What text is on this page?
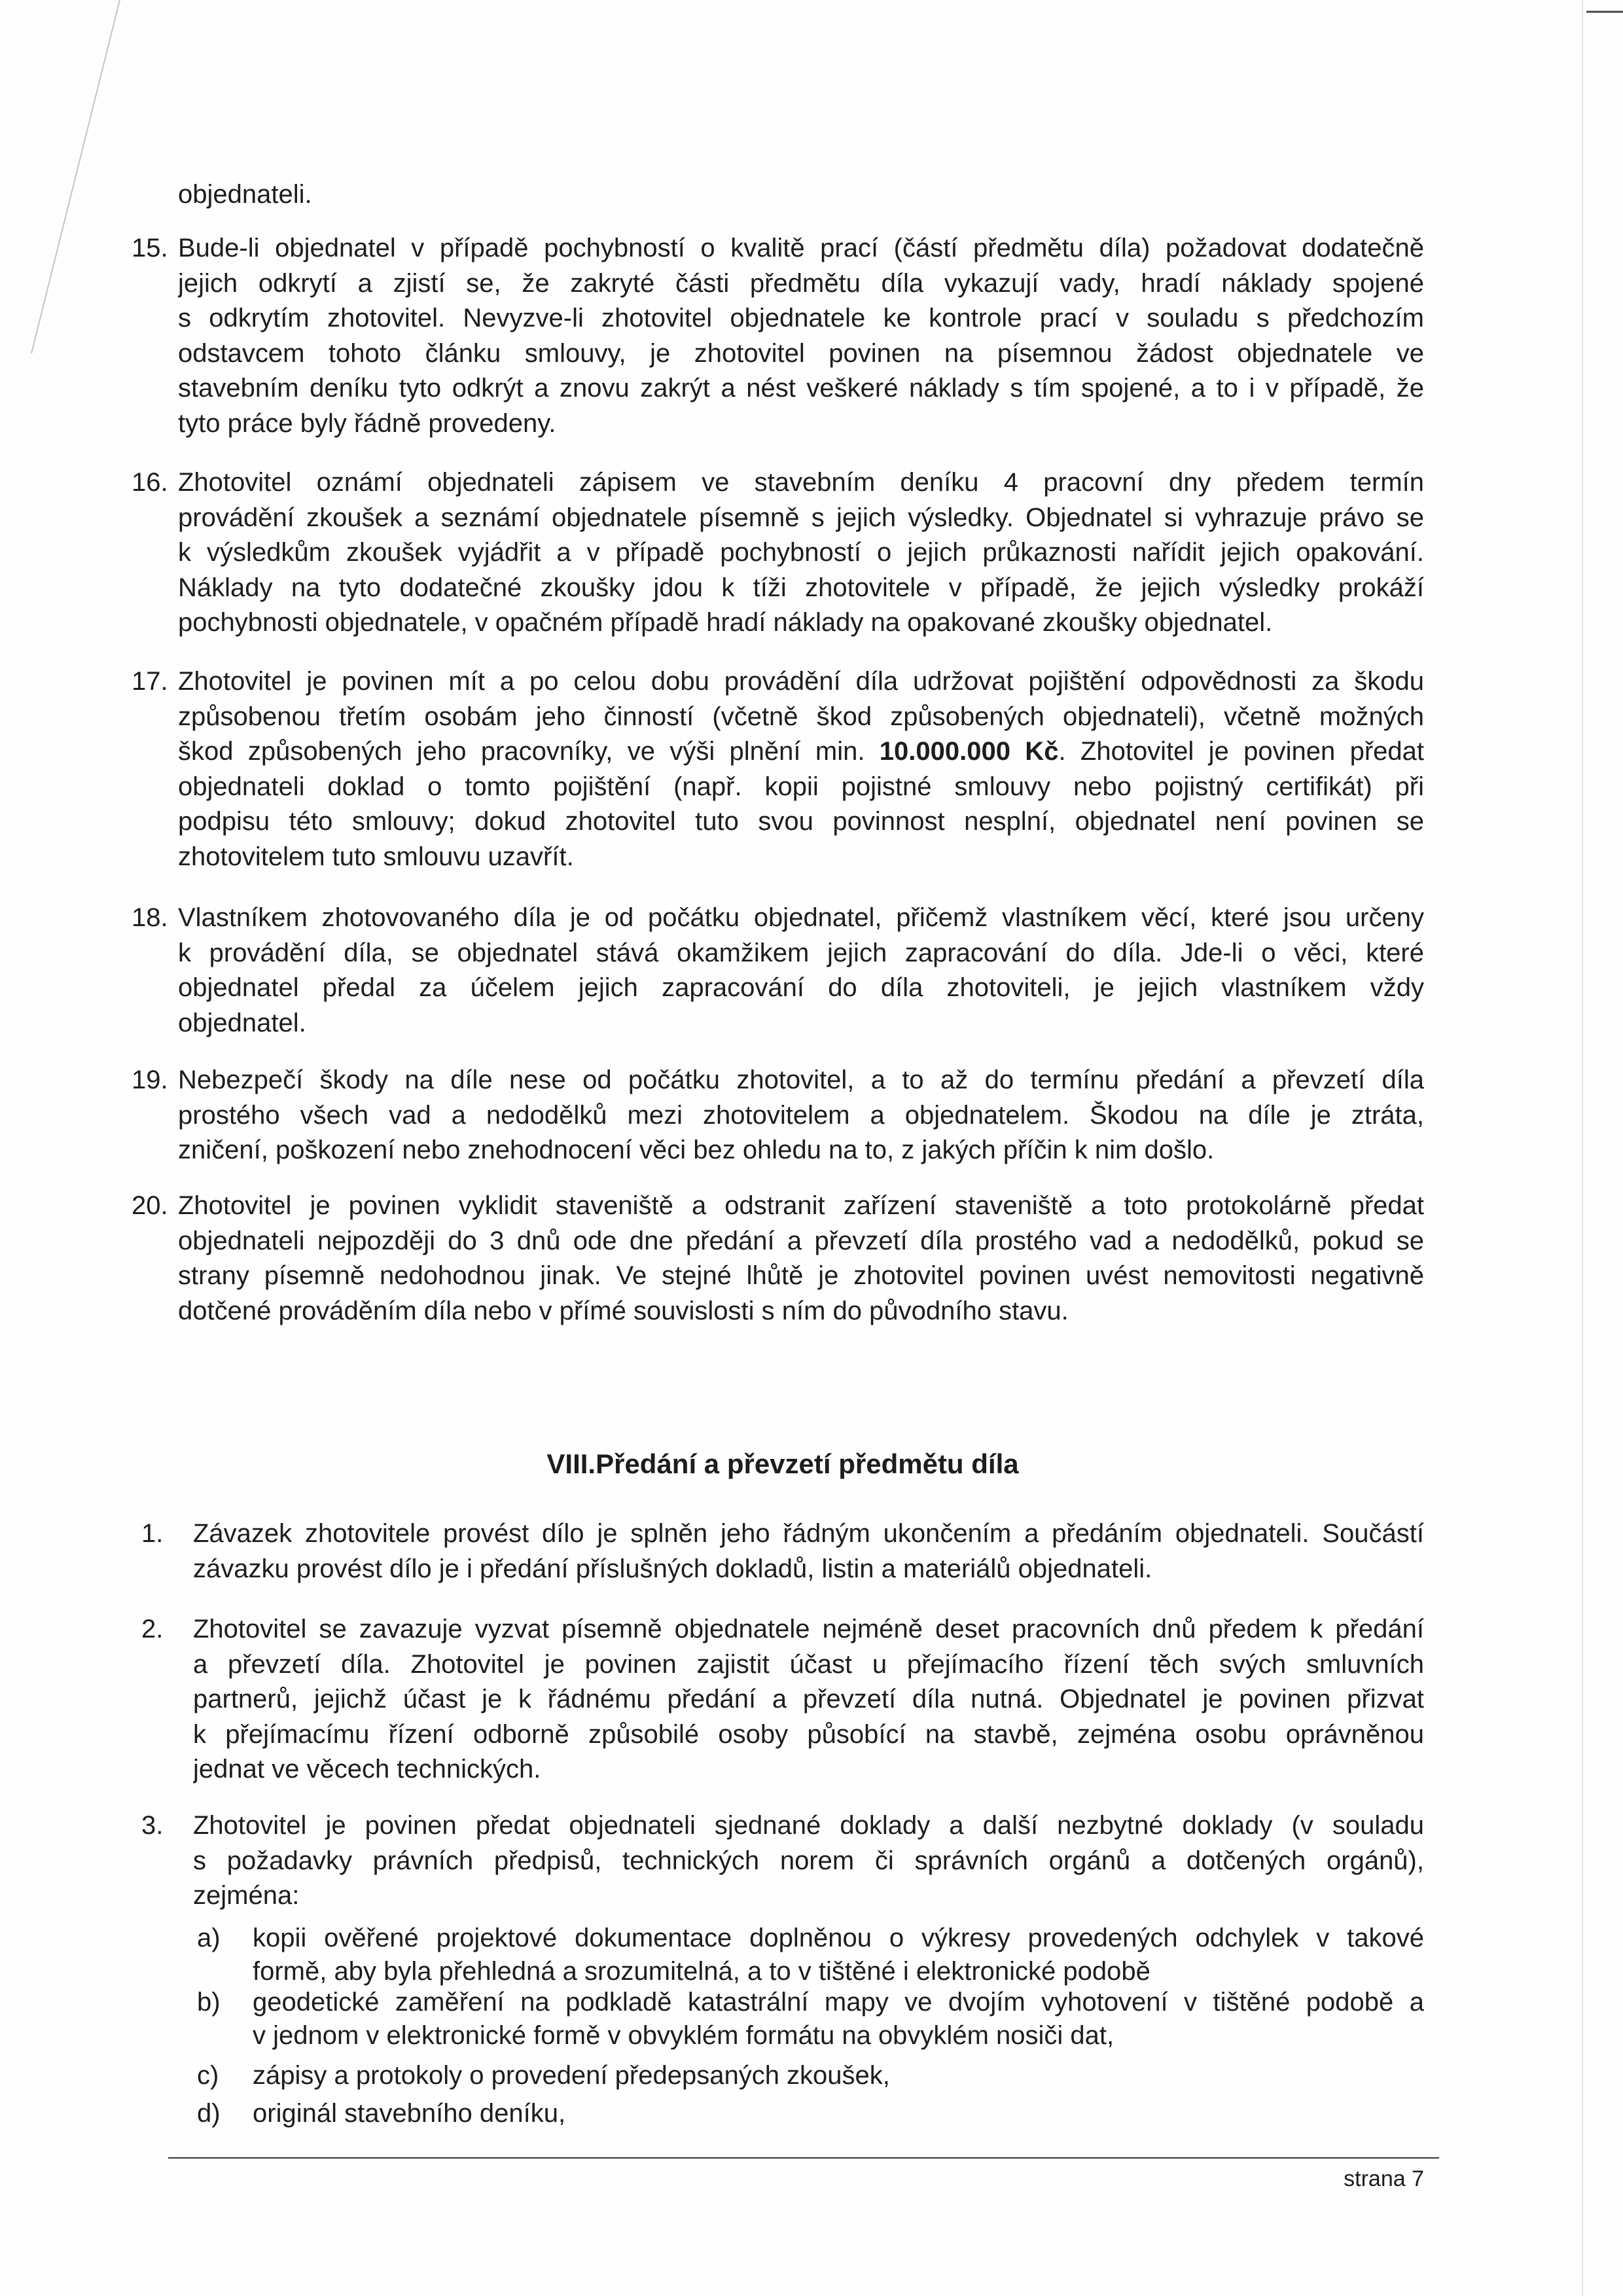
objednateli.
15. Bude-li objednatel v případě pochybností o kvalitě prací (částí předmětu díla) požadovat dodatečně
jejich odkrytí a zjistí se, že zakryté části předmětu díla vykazují vady, hradí náklady spojené
s odkrytím zhotovitel. Nevyzve-li zhotovitel objednatele ke kontrole prací v souladu s předchozím
odstavcem tohoto článku smlouvy, je zhotovitel povinen na písemnou žádost objednatele ve
stavebním deníku tyto odkrýt a znovu zakrýt a nést veškeré náklady s tím spojené, a to i v případě, že
tyto práce byly řádně provedeny.
16. Zhotovitel oznámí objednateli zápisem ve stavebním deníku 4 pracovní dny předem termín
provádění zkoušek a seznámí objednatele písemně s jejich výsledky. Objednatel si vyhrazuje právo se
k výsledkům zkoušek vyjádřit a v případě pochybností o jejich průkaznosti nařídit jejich opakování.
Náklady na tyto dodatečné zkoušky jdou k tíži zhotovitele v případě, že jejich výsledky prokáží
pochybnosti objednatele, v opačném případě hradí náklady na opakované zkoušky objednatel.
17. Zhotovitel je povinen mít a po celou dobu provádění díla udržovat pojištění odpovědnosti za škodu
způsobenou třetím osobám jeho činností (včetně škod způsobených objednateli), včetně možných
škod způsobených jeho pracovníky, ve výši plnění min. 10.000.000 Kč. Zhotovitel je povinen předat
objednateli doklad o tomto pojištění (např. kopii pojistné smlouvy nebo pojistný certifikát) při
podpisu této smlouvy; dokud zhotovitel tuto svou povinnost nesplní, objednatel není povinen se
zhotovitelem tuto smlouvu uzavřít.
18. Vlastníkem zhotovovaného díla je od počátku objednatel, přičemž vlastníkem věcí, které jsou určeny
k provádění díla, se objednatel stává okamžikem jejich zapracování do díla. Jde-li o věci, které
objednatel předal za účelem jejich zapracování do díla zhotoviteli, je jejich vlastníkem vždy
objednatel.
19. Nebezpečí škody na díle nese od počátku zhotovitel, a to až do termínu předání a převzetí díla
prostého všech vad a nedodělků mezi zhotovitelem a objednatelem. Škodou na díle je ztráta,
zničení, poškození nebo znehodnocení věci bez ohledu na to, z jakých příčin k nim došlo.
20. Zhotovitel je povinen vyklidit staveniště a odstranit zařízení staveniště a toto protokolárně předat
objednateli nejpozději do 3 dnů ode dne předání a převzetí díla prostého vad a nedodělků, pokud se
strany písemně nedohodnou jinak. Ve stejné lhůtě je zhotovitel povinen uvést nemovitosti negativně
dotčené prováděním díla nebo v přímé souvislosti s ním do původního stavu.
VIII.Předání a převzetí předmětu díla
1. Závazek zhotovitele provést dílo je splněn jeho řádným ukončením a předáním objednateli. Součástí
závazku provést dílo je i předání příslušných dokladů, listin a materiálů objednateli.
2. Zhotovitel se zavazuje vyzvat písemně objednatele nejméně deset pracovních dnů předem k předání
a převzetí díla. Zhotovitel je povinen zajistit účast u přejímacího řízení těch svých smluvních
partnerů, jejichž účast je k řádnému předání a převzetí díla nutná. Objednatel je povinen přizvat
k přejímacímu řízení odborně způsobilé osoby působící na stavbě, zejména osobu oprávněnou
jednat ve věcech technických.
3. Zhotovitel je povinen předat objednateli sjednané doklady a další nezbytné doklady (v souladu
s požadavky právních předpisů, technických norem či správních orgánů a dotčených orgánů),
zejména:
a) kopii ověřené projektové dokumentace doplněnou o výkresy provedených odchylek v takové
formě, aby byla přehledná a srozumitelná, a to v tištěné i elektronické podobě
b) geodetické zaměření na podkladě katastrální mapy ve dvojím vyhotovení v tištěné podobě a
v jednom v elektronické formě v obvyklém formátu na obvyklém nosiči dat,
c) zápisy a protokoly o provedení předepsaných zkoušek,
d) originál stavebního deníku,
strana 7
